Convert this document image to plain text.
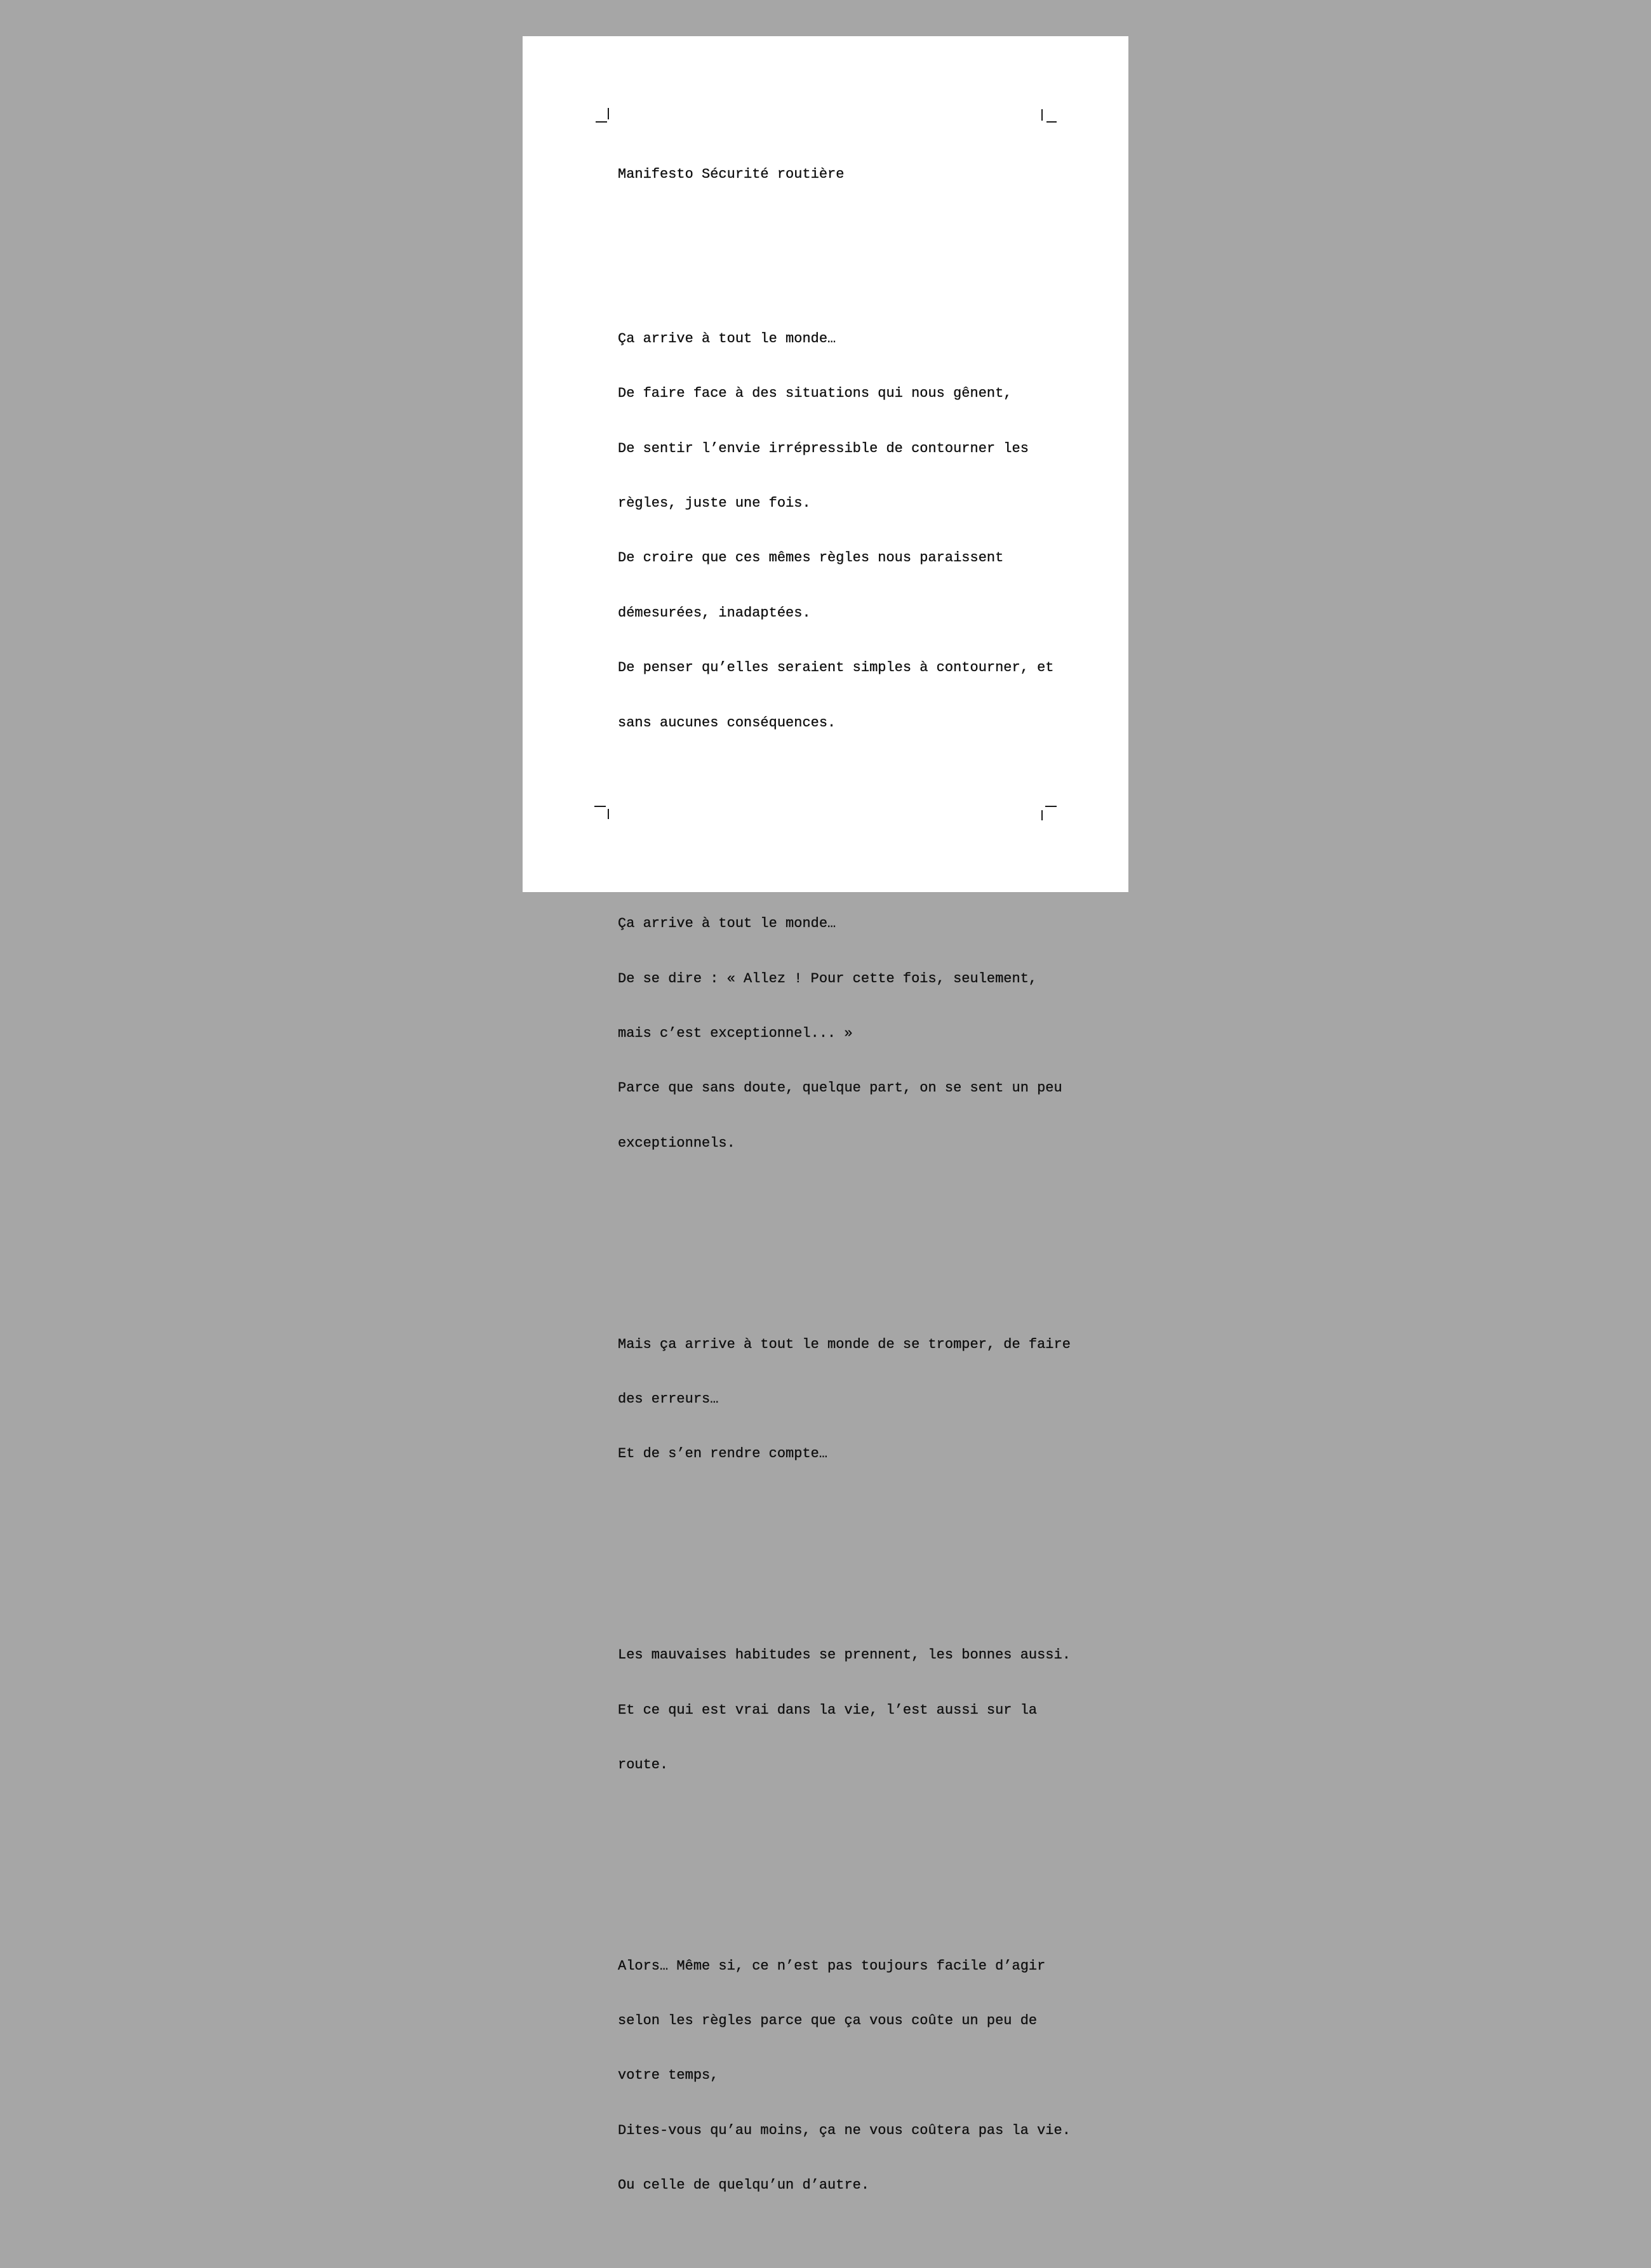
Manifesto Sécurité routière

Ça arrive à tout le monde…

De faire face à des situations qui nous gênent,

De sentir l’envie irrépressible de contourner les

règles, juste une fois.

De croire que ces mêmes règles nous paraissent

démesurées, inadaptées.

De penser qu’elles seraient simples à contourner, et

sans aucunes conséquences.

Ça arrive à tout le monde…

De se dire : « Allez ! Pour cette fois, seulement,

mais c’est exceptionnel... »

Parce que sans doute, quelque part, on se sent un peu

exceptionnels.

Mais ça arrive à tout le monde de se tromper, de faire

des erreurs…

Et de s’en rendre compte…

Les mauvaises habitudes se prennent, les bonnes aussi.

Et ce qui est vrai dans la vie, l’est aussi sur la

route.

Alors… Même si, ce n’est pas toujours facile d’agir

selon les règles parce que ça vous coûte un peu de

votre temps,

Dites-vous qu’au moins, ça ne vous coûtera pas la vie.

Ou celle de quelqu’un d’autre.
